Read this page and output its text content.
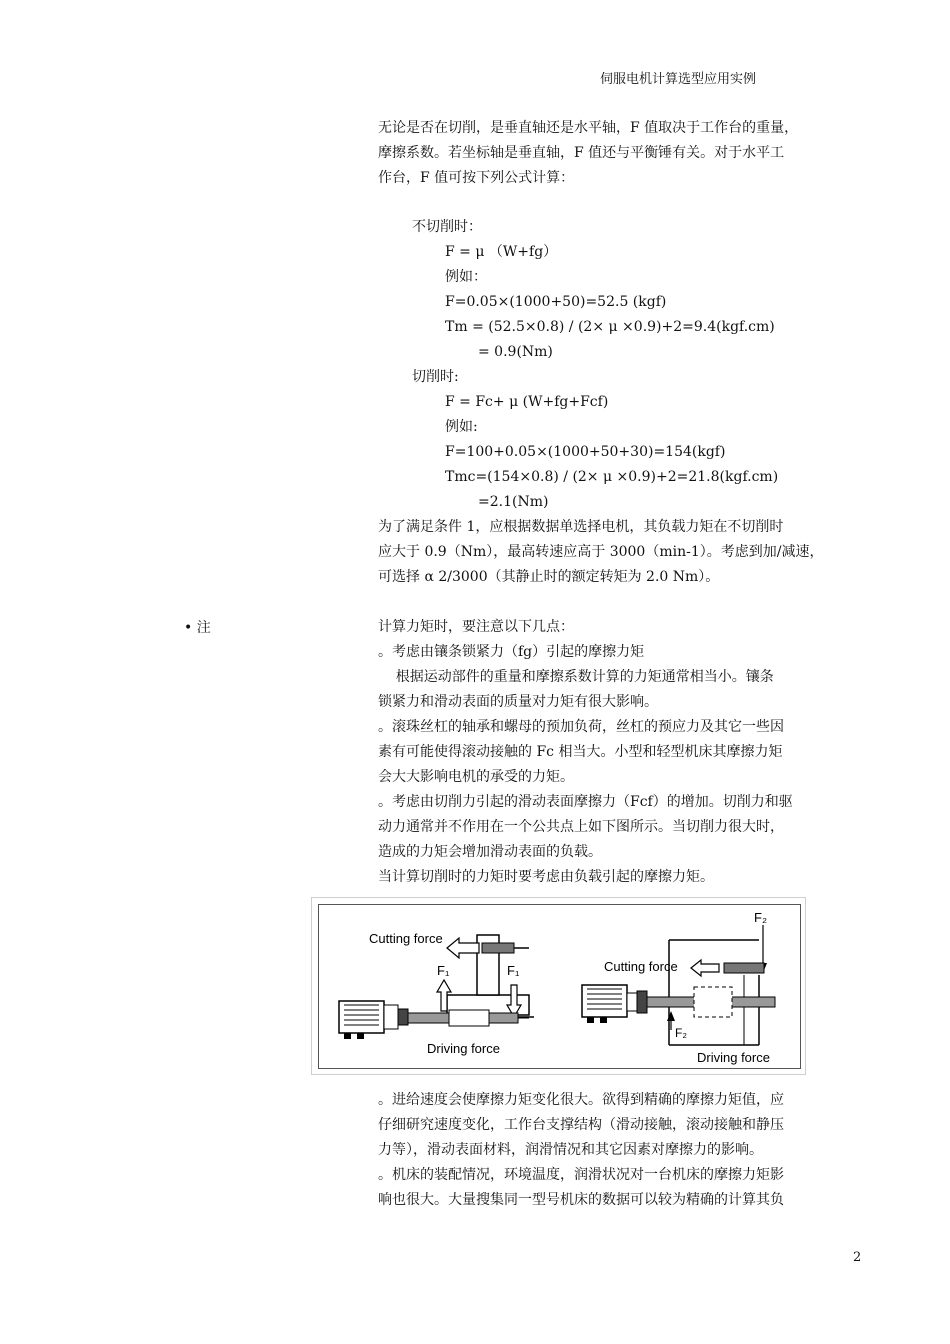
伺服电机计算选型应用实例
无论是否在切削，是垂直轴还是水平轴，F 值取决于工作台的重量，
摩擦系数。若坐标轴是垂直轴，F 值还与平衡锤有关。对于水平工
作台，F 值可按下列公式计算：
不切削时：
F = μ （W+fg）
例如：
F=0.05×(1000+50)=52.5 (kgf)
Tm = (52.5×0.8) / (2× μ ×0.9)+2=9.4(kgf.cm)
= 0.9(Nm)
切削时:
F = Fc+ μ (W+fg+Fcf)
例如:
F=100+0.05×(1000+50+30)=154(kgf)
Tmc=(154×0.8) / (2× μ ×0.9)+2=21.8(kgf.cm)
=2.1(Nm)
为了满足条件 1，应根据数据单选择电机，其负载力矩在不切削时
应大于 0.9（Nm），最高转速应高于 3000（min-1）。考虑到加/减速，
可选择 α 2/3000（其静止时的额定转矩为 2.0 Nm）。
• 注	计算力矩时，要注意以下几点：
。考虑由镶条锁紧力（fg）引起的摩擦力矩
根据运动部件的重量和摩擦系数计算的力矩通常相当小。镶条
锁紧力和滑动表面的质量对力矩有很大影响。
。滚珠丝杠的轴承和螺母的预加负荷，丝杠的预应力及其它一些因
素有可能使得滚动接触的 Fc 相当大。小型和轻型机床其摩擦力矩
会大大影响电机的承受的力矩。
。考虑由切削力引起的滑动表面摩擦力（Fcf）的增加。切削力和驱
动力通常并不作用在一个公共点上如下图所示。当切削力很大时，
造成的力矩会增加滑动表面的负载。
当计算切削时的力矩时要考虑由负载引起的摩擦力矩。
Cutting force
F₁	F₁
Driving force
F₂
Cutting force
F₂
Driving force
。进给速度会使摩擦力矩变化很大。欲得到精确的摩擦力矩值，应
仔细研究速度变化，工作台支撑结构（滑动接触，滚动接触和静压
力等），滑动表面材料，润滑情况和其它因素对摩擦力的影响。
。机床的装配情况，环境温度，润滑状况对一台机床的摩擦力矩影
响也很大。大量搜集同一型号机床的数据可以较为精确的计算其负
2
